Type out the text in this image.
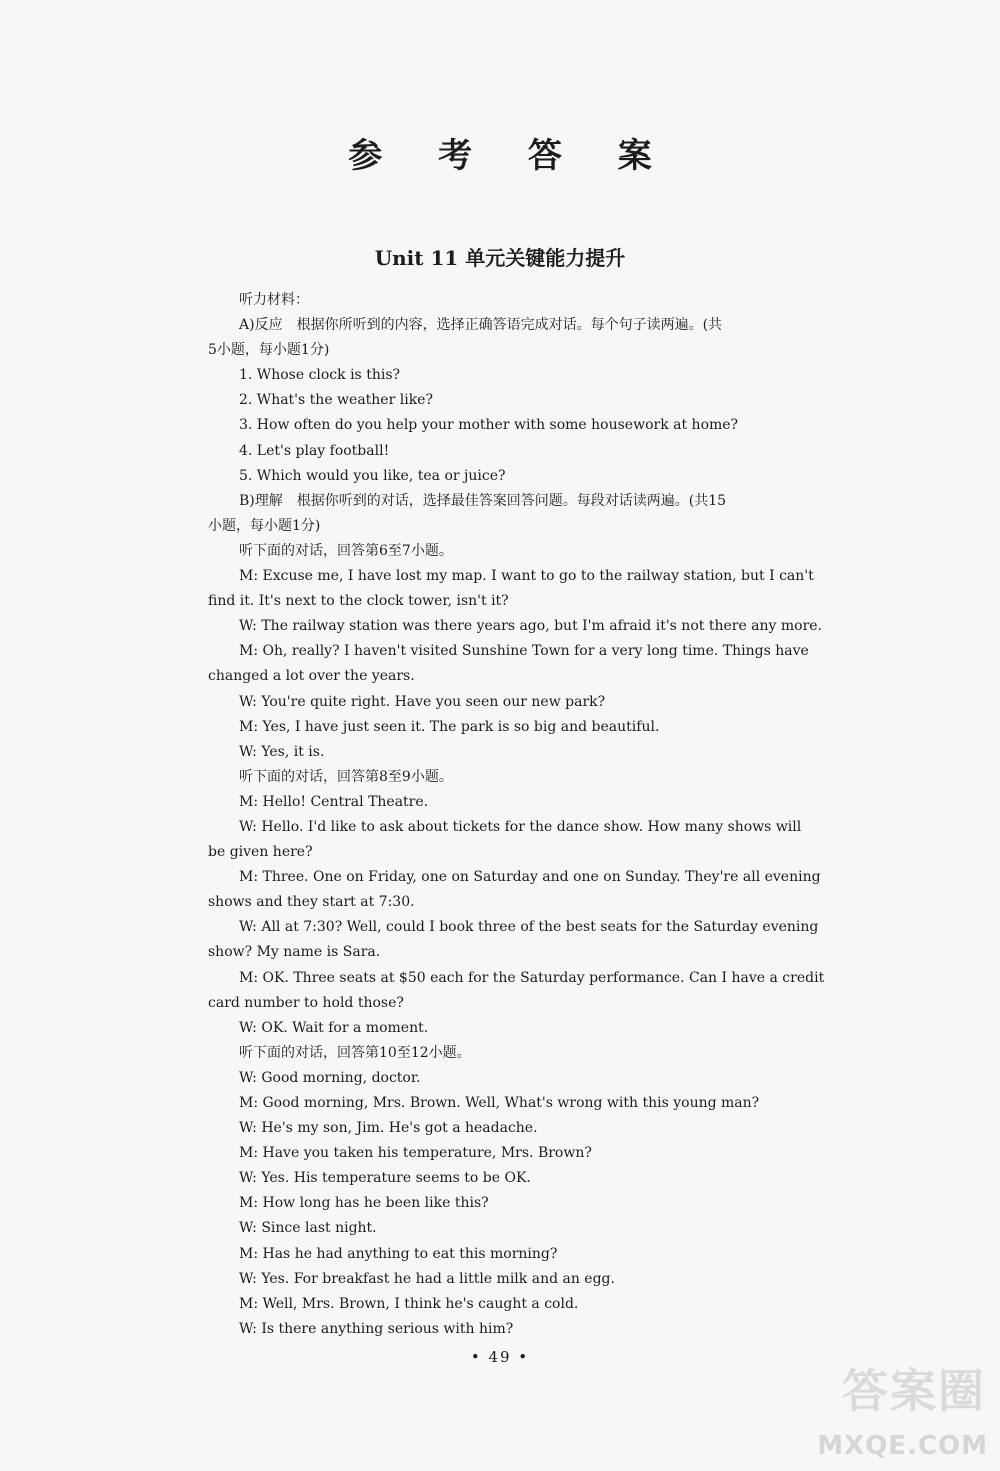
参 考 答 案
Unit 11 单元关键能力提升
听力材料：
A)反应　根据你所听到的内容，选择正确答语完成对话。每个句子读两遍。(共
5小题，每小题1分)
1. Whose clock is this?
2. What's the weather like?
3. How often do you help your mother with some housework at home?
4. Let's play football!
5. Which would you like, tea or juice?
B)理解　根据你听到的对话，选择最佳答案回答问题。每段对话读两遍。(共15
小题，每小题1分)
听下面的对话，回答第6至7小题。
M: Excuse me, I have lost my map. I want to go to the railway station, but I can't
find it. It's next to the clock tower, isn't it?
W: The railway station was there years ago, but I'm afraid it's not there any more.
M: Oh, really? I haven't visited Sunshine Town for a very long time. Things have
changed a lot over the years.
W: You're quite right. Have you seen our new park?
M: Yes, I have just seen it. The park is so big and beautiful.
W: Yes, it is.
听下面的对话，回答第8至9小题。
M: Hello! Central Theatre.
W: Hello. I'd like to ask about tickets for the dance show. How many shows will
be given here?
M: Three. One on Friday, one on Saturday and one on Sunday. They're all evening
shows and they start at 7:30.
W: All at 7:30? Well, could I book three of the best seats for the Saturday evening
show? My name is Sara.
M: OK. Three seats at $50 each for the Saturday performance. Can I have a credit
card number to hold those?
W: OK. Wait for a moment.
听下面的对话，回答第10至12小题。
W: Good morning, doctor.
M: Good morning, Mrs. Brown. Well, What's wrong with this young man?
W: He's my son, Jim. He's got a headache.
M: Have you taken his temperature, Mrs. Brown?
W: Yes. His temperature seems to be OK.
M: How long has he been like this?
W: Since last night.
M: Has he had anything to eat this morning?
W: Yes. For breakfast he had a little milk and an egg.
M: Well, Mrs. Brown, I think he's caught a cold.
W: Is there anything serious with him?
• 49 •
答案圈
MXQE.COM
